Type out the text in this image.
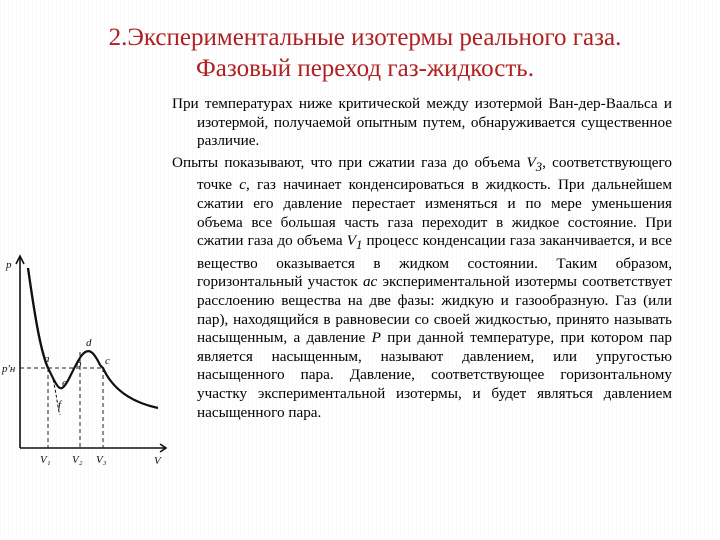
2.Экспериментальные изотермы реального газа.
Фазовый переход газ-жидкость.

При температурах ниже критической между изотермой Ван-дер-Ваальса и изотермой, получаемой опытным путем, обнаруживается существенное различие.

Опыты показывают, что при сжатии газа до объема $V_3$, соответствующего точке c, газ начинает конденсироваться в жидкость. При дальнейшем сжатии его давление перестает изменяться и по мере уменьшения объема все большая часть газа переходит в жидкое состояние. При сжатии газа до объема $V_1$ процесс конденсации газа заканчивается, и все вещество оказывается в жидком состоянии. Таким образом, горизонтальный участок ac экспериментальной изотермы соответствует расслоению вещества на две фазы: жидкую и газообразную. Газ (или пар), находящийся в равновесии со своей жидкостью, принято называть насыщенным, а давление P при данной температуре, при котором пар является насыщенным, называют давлением, или упругостью насыщенного пара. Давление, соответствующее горизонтальному участку экспериментальной изотермы, и будет являться давлением насыщенного пара.

p
V
p'н
a b c
d
e
f
V₁ V₂ V₃
